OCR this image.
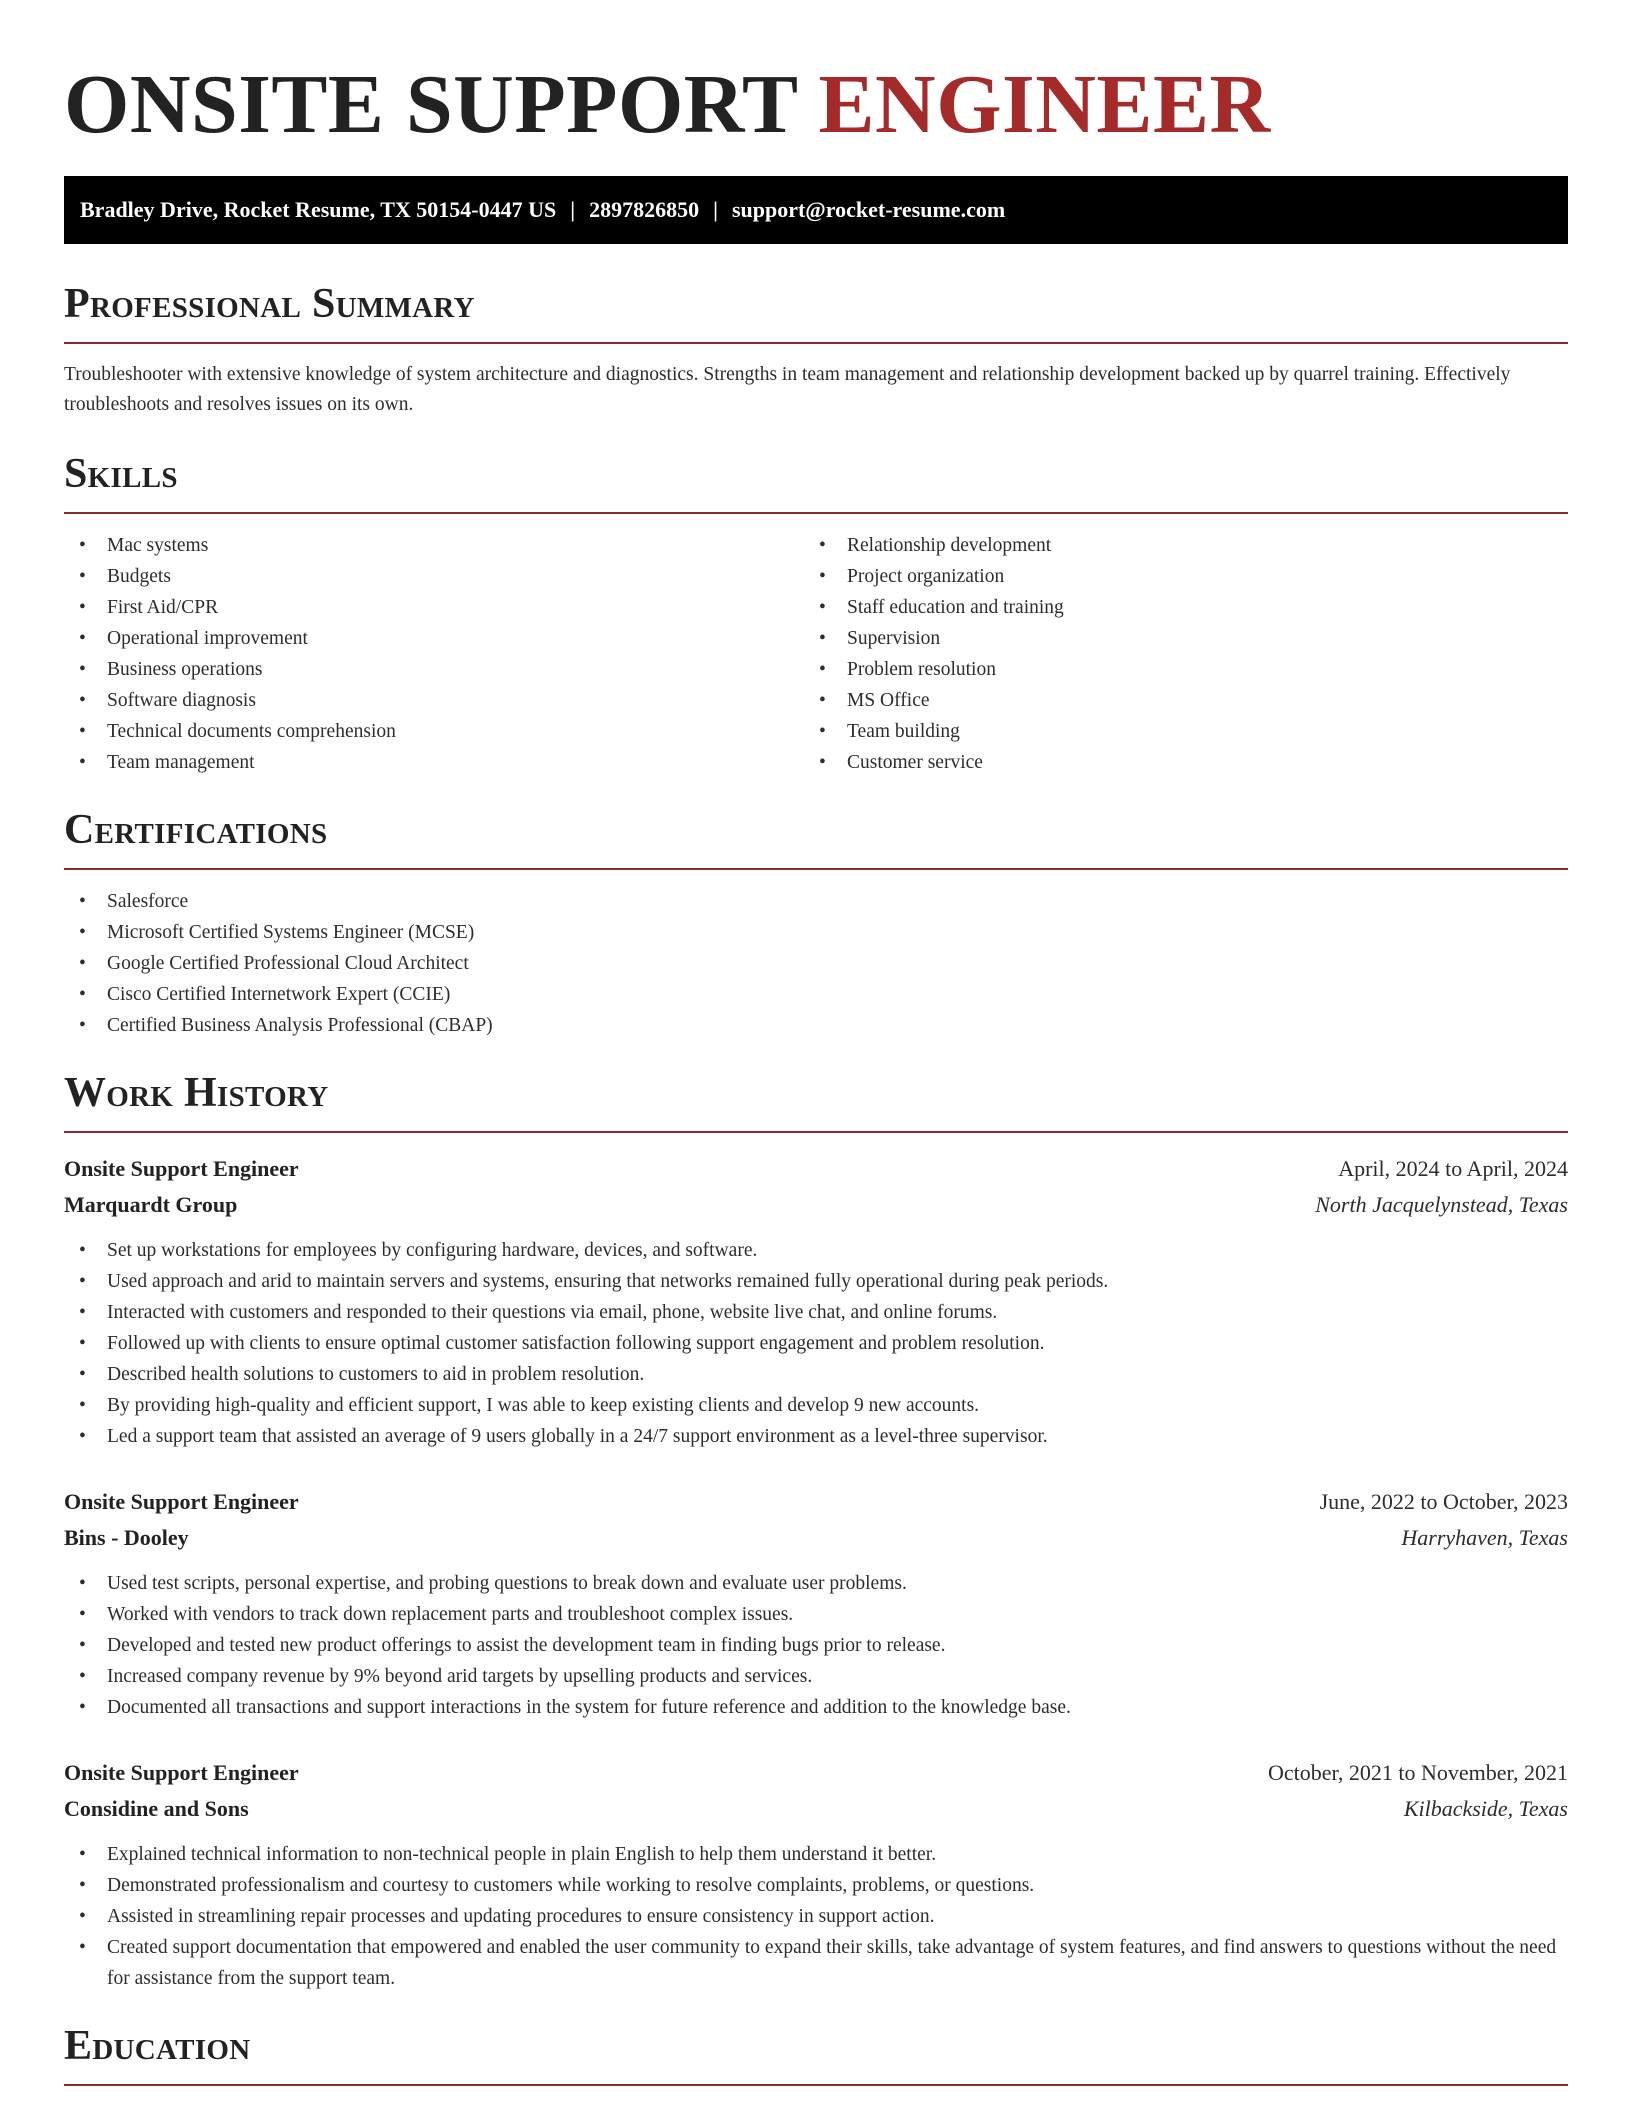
ONSITE SUPPORT ENGINEER
Bradley Drive, Rocket Resume, TX 50154-0447 US | 2897826850 | support@rocket-resume.com
Professional Summary

Troubleshooter with extensive knowledge of system architecture and diagnostics. Strengths in team management and relationship development backed up by quarrel training. Effectively troubleshoots and resolves issues on its own.

Skills
• Mac systems
• Budgets
• First Aid/CPR
• Operational improvement
• Business operations
• Software diagnosis
• Technical documents comprehension
• Team management
• Relationship development
• Project organization
• Staff education and training
• Supervision
• Problem resolution
• MS Office
• Team building
• Customer service
Certifications
• Salesforce
• Microsoft Certified Systems Engineer (MCSE)
• Google Certified Professional Cloud Architect
• Cisco Certified Internetwork Expert (CCIE)
• Certified Business Analysis Professional (CBAP)
Work History
Onsite Support Engineer	April, 2024 to April, 2024
Marquardt Group	North Jacquelynstead, Texas
• Set up workstations for employees by configuring hardware, devices, and software.
• Used approach and arid to maintain servers and systems, ensuring that networks remained fully operational during peak periods.
• Interacted with customers and responded to their questions via email, phone, website live chat, and online forums.
• Followed up with clients to ensure optimal customer satisfaction following support engagement and problem resolution.
• Described health solutions to customers to aid in problem resolution.
• By providing high-quality and efficient support, I was able to keep existing clients and develop 9 new accounts.
• Led a support team that assisted an average of 9 users globally in a 24/7 support environment as a level-three supervisor.
Onsite Support Engineer	June, 2022 to October, 2023
Bins - Dooley	Harryhaven, Texas
• Used test scripts, personal expertise, and probing questions to break down and evaluate user problems.
• Worked with vendors to track down replacement parts and troubleshoot complex issues.
• Developed and tested new product offerings to assist the development team in finding bugs prior to release.
• Increased company revenue by 9% beyond arid targets by upselling products and services.
• Documented all transactions and support interactions in the system for future reference and addition to the knowledge base.
Onsite Support Engineer	October, 2021 to November, 2021
Considine and Sons	Kilbackside, Texas
• Explained technical information to non-technical people in plain English to help them understand it better.
• Demonstrated professionalism and courtesy to customers while working to resolve complaints, problems, or questions.
• Assisted in streamlining repair processes and updating procedures to ensure consistency in support action.
• Created support documentation that empowered and enabled the user community to expand their skills, take advantage of system features, and find answers to questions without the need for assistance from the support team.
Education
